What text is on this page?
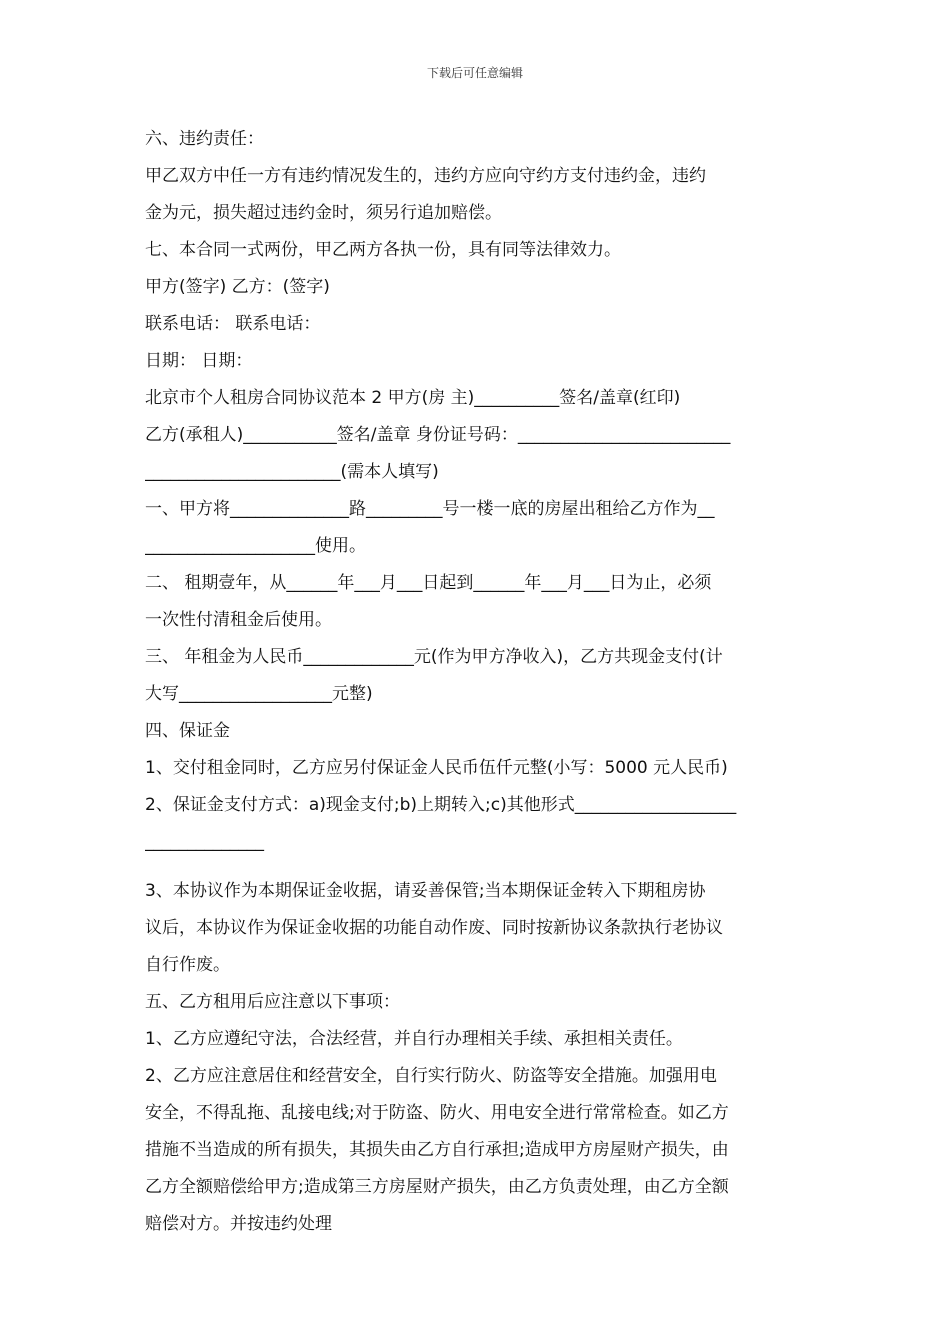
下载后可任意编辑
六、违约责任：
甲乙双方中任一方有违约情况发生的，违约方应向守约方支付违约金，违约
金为元，损失超过违约金时，须另行追加赔偿。
七、本合同一式两份，甲乙两方各执一份，具有同等法律效力。
甲方(签字) 乙方：(签字)
联系电话： 联系电话：
日期： 日期：
北京市个人租房合同协议范本 2 甲方(房 主)__________签名/盖章(红印)
乙方(承租人)___________签名/盖章 身份证号码：_________________________
_______________________(需本人填写)
一、甲方将______________路_________号一楼一底的房屋出租给乙方作为__
____________________使用。
二、 租期壹年，从______年___月___日起到______年___月___日为止，必须
一次性付清租金后使用。
三、 年租金为人民币_____________元(作为甲方净收入)，乙方共现金支付(计
大写__________________元整)
四、保证金
1、交付租金同时，乙方应另付保证金人民币伍仟元整(小写：5000 元人民币)
2、保证金支付方式：a)现金支付;b)上期转入;c)其他形式___________________
______________
3、本协议作为本期保证金收据，请妥善保管;当本期保证金转入下期租房协
议后，本协议作为保证金收据的功能自动作废、同时按新协议条款执行老协议
自行作废。
五、乙方租用后应注意以下事项：
1、乙方应遵纪守法，合法经营，并自行办理相关手续、承担相关责任。
2、乙方应注意居住和经营安全，自行实行防火、防盗等安全措施。加强用电
安全，不得乱拖、乱接电线;对于防盗、防火、用电安全进行常常检查。如乙方
措施不当造成的所有损失，其损失由乙方自行承担;造成甲方房屋财产损失，由
乙方全额赔偿给甲方;造成第三方房屋财产损失，由乙方负责处理，由乙方全额
赔偿对方。并按违约处理
